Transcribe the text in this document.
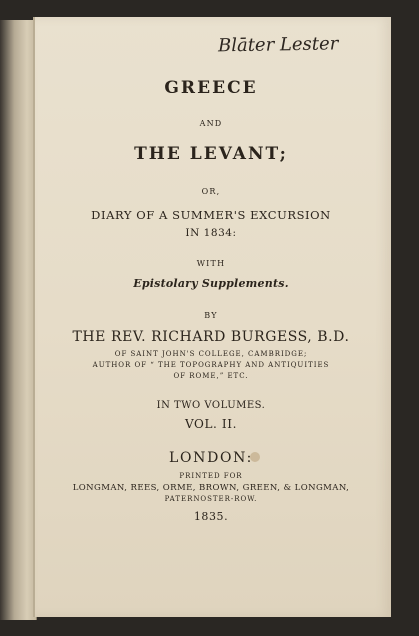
Blāter Lester
GREECE
AND
THE LEVANT;
OR,
DIARY OF A SUMMER'S EXCURSION
IN 1834:
WITH
Epistolary Supplements.
BY
THE REV. RICHARD BURGESS, B.D.
OF SAINT JOHN'S COLLEGE, CAMBRIDGE;
AUTHOR OF “ THE TOPOGRAPHY AND ANTIQUITIES
OF ROME,” ETC.
IN TWO VOLUMES.
VOL. II.
LONDON:
PRINTED FOR
LONGMAN, REES, ORME, BROWN, GREEN, & LONGMAN,
PATERNOSTER-ROW.
1835.
